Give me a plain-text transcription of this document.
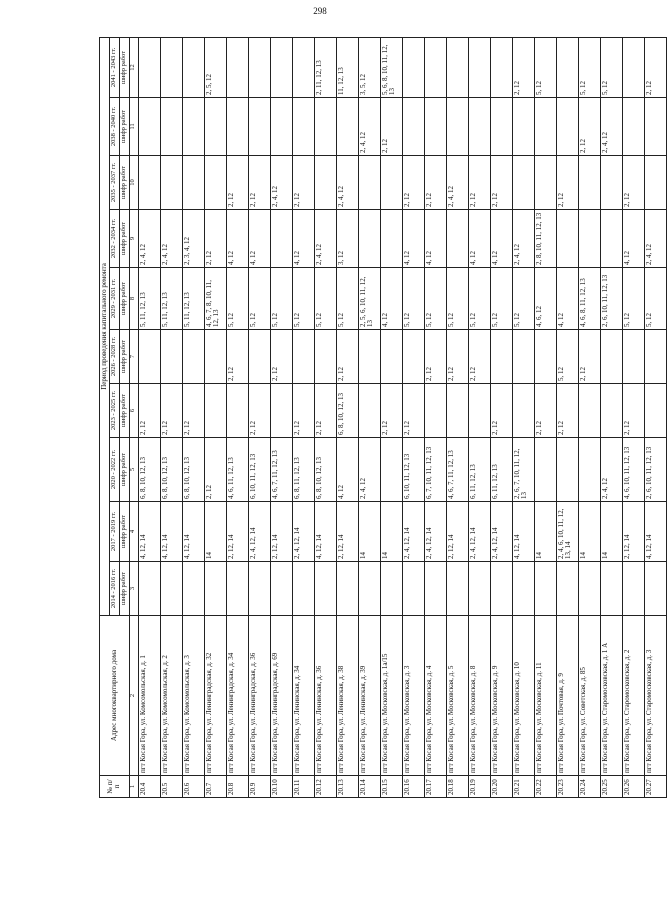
298
№ п/п	Адрес многоквартирного дома	Период проведения капитального ремонта									
		2014 - 2016 гг.	2017 - 2019 гг.	2020 - 2022 гг.	2023 - 2025 гг.	2026 - 2028 гг.	2029 - 2031 гг.	2032 - 2034 гг.	2035 - 2037 гг.	2038 - 2040 гг.	2041 - 2043 гг.
		шифр работ	шифр работ	шифр работ	шифр работ	шифр работ	шифр работ	шифр работ	шифр работ	шифр работ	шифр работ
1	2	3	4	5	6	7	8	9	10	11	12
20.4	пгт Косая Гора, ул. Комсомольская, д. 1		4, 12, 14	6, 8, 10, 12, 13	2, 12		5, 11, 12, 13	2, 4, 12			
20.5	пгт Косая Гора, ул. Комсомольская, д. 2		4, 12, 14	6, 8, 10, 12, 13	2, 12		5, 11, 12, 13	2, 4, 12			
20.6	пгт Косая Гора, ул. Комсомольская, д. 3		4, 12, 14	6, 8, 10, 12, 13	2, 12		5, 11, 12, 13	2, 3, 4, 12			
20.7	пгт Косая Гора, ул. Ленинградская, д. 32		14	2, 12			4, 6, 7, 8, 10, 11, 12, 13	2, 12			2, 5, 12
20.8	пгт Косая Гора, ул. Ленинградская, д. 34		2, 12, 14	4, 6, 11, 12, 13		2, 12	5, 12	4, 12	2, 12		
20.9	пгт Косая Гора, ул. Ленинградская, д. 36		2, 4, 12, 14	6, 10, 11, 12, 13	2, 12		5, 12	4, 12	2, 12		
20.10	пгт Косая Гора, ул. Ленинградская, д. 69		2, 12, 14	4, 6, 7, 11, 12, 13		2, 12	5, 12		2, 4, 12		
20.11	пгт Косая Гора, ул. Ленинская, д. 34		2, 4, 12, 14	6, 8, 11, 12, 13	2, 12		5, 12	4, 12	2, 12		
20.12	пгт Косая Гора, ул. Ленинская, д. 36		4, 12, 14	6, 8, 10, 12, 13	2, 12		5, 12	2, 4, 12			2, 11, 12, 13
20.13	пгт Косая Гора, ул. Ленинская, д. 38		2, 12, 14	4, 12	6, 8, 10, 12, 13	2, 12	5, 12	3, 12	2, 4, 12		11, 12, 13
20.14	пгт Косая Гора, ул. Ленинская, д. 39		14	2, 4, 12			2, 5, 6, 10, 11, 12, 13			2, 4, 12	3, 5, 12
20.15	пгт Косая Гора, ул. Московская, д. 1а/15		14		2, 12		4, 12			2, 12	5, 6, 8, 10, 11, 12, 13
20.16	пгт Косая Гора, ул. Московская, д. 3		2, 4, 12, 14	6, 10, 11, 12, 13	2, 12		5, 12	4, 12	2, 12		
20.17	пгт Косая Гора, ул. Московская, д. 4		2, 4, 12, 14	6, 7, 10, 11, 12, 13		2, 12	5, 12	4, 12	2, 12		
20.18	пгт Косая Гора, ул. Московская, д. 5		2, 12, 14	4, 6, 7, 11, 12, 13		2, 12	5, 12		2, 4, 12		
20.19	пгт Косая Гора, ул. Московская, д. 8		2, 4, 12, 14	6, 11, 12, 13		2, 12	5, 12	4, 12	2, 12		
20.20	пгт Косая Гора, ул. Московская, д. 9		2, 4, 12, 14	6, 11, 12, 13	2, 12		5, 12	4, 12	2, 12		
20.21	пгт Косая Гора, ул. Московская, д. 10		4, 12, 14	2, 6, 7, 10, 11, 12, 13			5, 12	2, 4, 12			2, 12
20.22	пгт Косая Гора, ул. Московская, д. 11		14		2, 12		4, 6, 12	2, 8, 10, 11, 12, 13			5, 12
20.23	пгт Косая Гора, ул. Почтовая, д. 9		2, 4, 6, 10, 11, 12, 13, 14		2, 12	5, 12	4, 12		2, 12		
20.24	пгт Косая Гора, ул. Советская, д. 85		14			2, 12	4, 6, 8, 11, 12, 13			2, 12	5, 12
20.25	пгт Косая Гора, ул. Старомосковская, д. 1 А		14	2, 4, 12			2, 6, 10, 11, 12, 13			2, 4, 12	5, 12
20.26	пгт Косая Гора, ул. Старомосковская, д. 2		2, 12, 14	4, 6, 10, 11, 12, 13	2, 12		5, 12	4, 12	2, 12		
20.27	пгт Косая Гора, ул. Старомосковская, д. 3		4, 12, 14	2, 6, 10, 11, 12, 13			5, 12	2, 4, 12			2, 12
